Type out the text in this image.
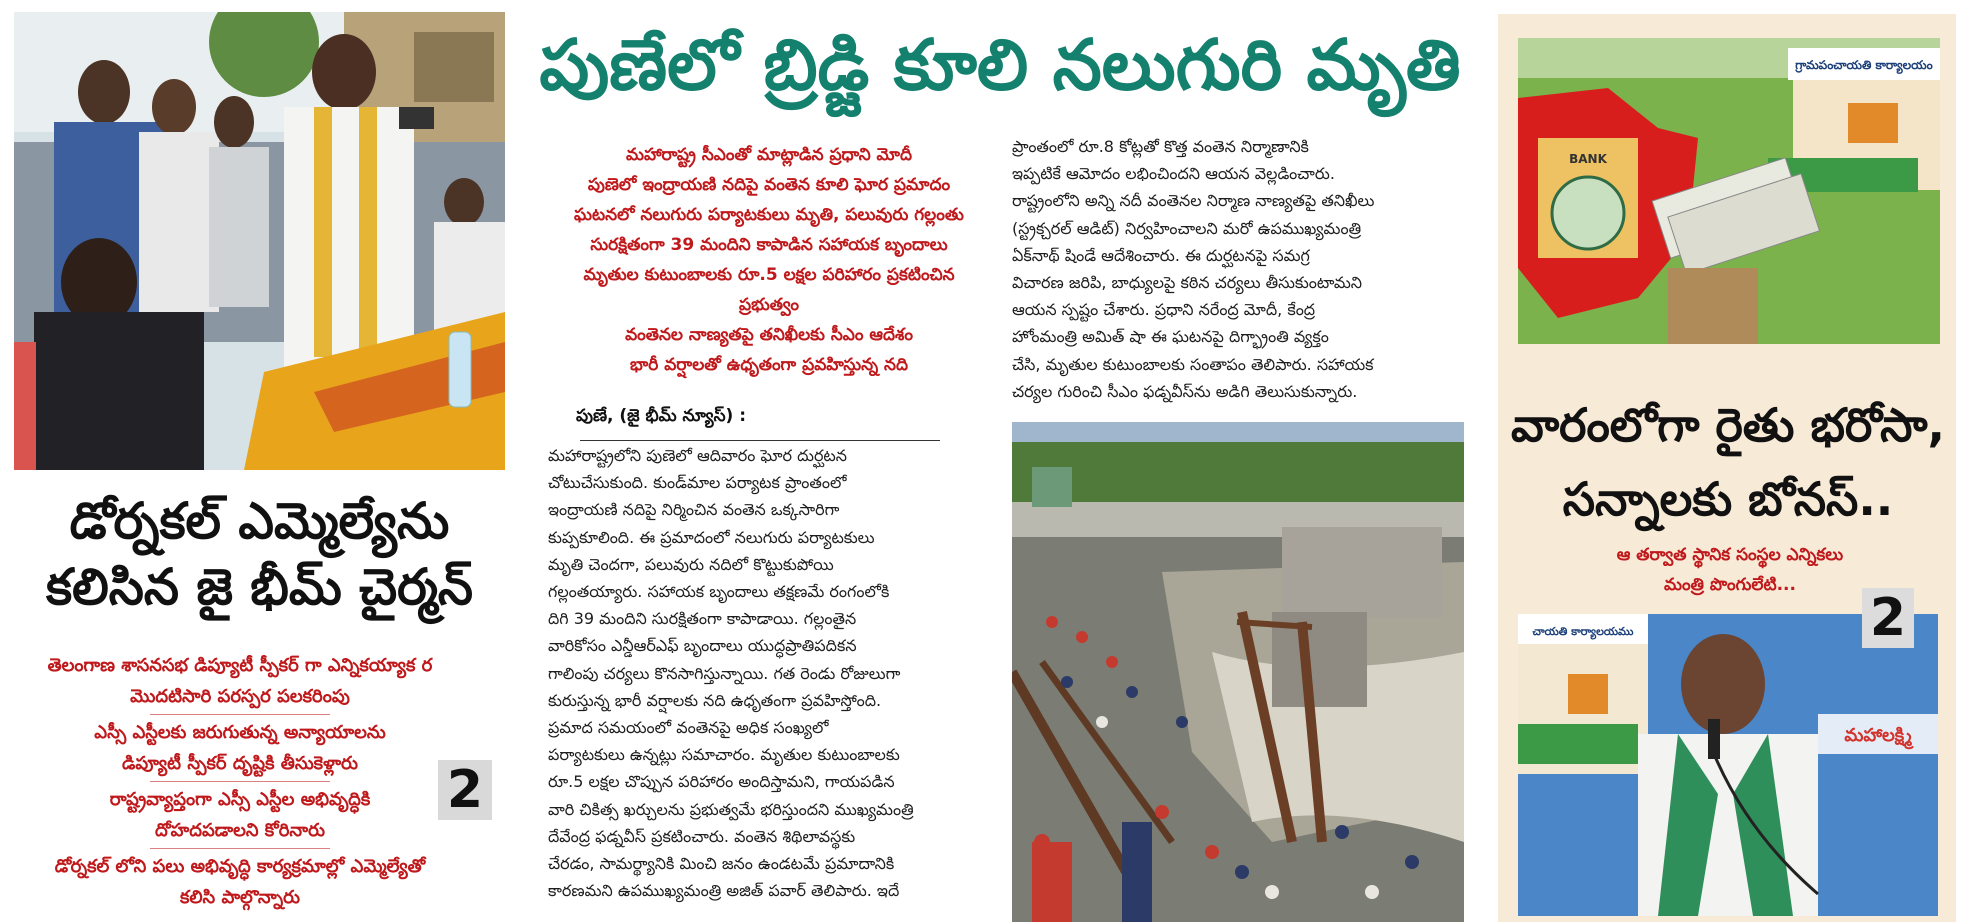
డోర్నకల్ ఎమ్మెల్యేను
కలిసిన జై భీమ్ చైర్మన్
తెలంగాణ శాసనసభ డిప్యూటీ స్పీకర్ గా ఎన్నికయ్యాక ర
మొదటిసారి పరస్పర పలకరింపు
ఎస్సీ ఎస్టీలకు జరుగుతున్న అన్యాయాలను
డిప్యూటీ స్పీకర్ దృష్టికి తీసుకెళ్లారు
రాష్ట్రవ్యాప్తంగా ఎస్సీ ఎస్టీల అభివృద్ధికి
దోహదపడాలని కోరినారు
డోర్నకల్ లోని పలు అభివృద్ధి కార్యక్రమాల్లో ఎమ్మెల్యేతో
కలిసి పాల్గొన్నారు
2
పుణేలో బ్రిడ్జి కూలి నలుగురి మృతి
మహారాష్ట్ర సీఎంతో మాట్లాడిన ప్రధాని మోదీ
పుణెలో ఇంద్రాయణి నదిపై వంతెన కూలి ఘోర ప్రమాదం
ఘటనలో నలుగురు పర్యాటకులు మృతి, పలువురు గల్లంతు
సురక్షితంగా 39 మందిని కాపాడిన సహాయక బృందాలు
మృతుల కుటుంబాలకు రూ.5 లక్షల పరిహారం ప్రకటించిన
ప్రభుత్వం
వంతెనల నాణ్యతపై తనిఖీలకు సీఎం ఆదేశం
భారీ వర్షాలతో ఉధృతంగా ప్రవహిస్తున్న నది
పుణే, (జై భీమ్ న్యూస్) :
మహారాష్ట్రలోని పుణెలో ఆదివారం ఘోర దుర్ఘటన
చోటుచేసుకుంది. కుండ్‌మాల పర్యాటక ప్రాంతంలో
ఇంద్రాయణి నదిపై నిర్మించిన వంతెన ఒక్కసారిగా
కుప్పకూలింది. ఈ ప్రమాదంలో నలుగురు పర్యాటకులు
మృతి చెందగా, పలువురు నదిలో కొట్టుకుపోయి
గల్లంతయ్యారు. సహాయక బృందాలు తక్షణమే రంగంలోకి
దిగి 39 మందిని సురక్షితంగా కాపాడాయి. గల్లంతైన
వారికోసం ఎన్డీఆర్ఎఫ్ బృందాలు యుద్ధప్రాతిపదికన
గాలింపు చర్యలు కొనసాగిస్తున్నాయి. గత రెండు రోజులుగా
కురుస్తున్న భారీ వర్షాలకు నది ఉధృతంగా ప్రవహిస్తోంది.
ప్రమాద సమయంలో వంతెనపై అధిక సంఖ్యలో
పర్యాటకులు ఉన్నట్లు సమాచారం. మృతుల కుటుంబాలకు
రూ.5 లక్షల చొప్పున పరిహారం అందిస్తామని, గాయపడిన
వారి చికిత్స ఖర్చులను ప్రభుత్వమే భరిస్తుందని ముఖ్యమంత్రి
దేవేంద్ర ఫడ్నవీస్ ప్రకటించారు. వంతెన శిథిలావస్థకు
చేరడం, సామర్థ్యానికి మించి జనం ఉండటమే ప్రమాదానికి
కారణమని ఉపముఖ్యమంత్రి అజిత్ పవార్ తెలిపారు. ఇదే
ప్రాంతంలో రూ.8 కోట్లతో కొత్త వంతెన నిర్మాణానికి
ఇప్పటికే ఆమోదం లభించిందని ఆయన వెల్లడించారు.
రాష్ట్రంలోని అన్ని నదీ వంతెనల నిర్మాణ నాణ్యతపై తనిఖీలు
(స్ట్రక్చరల్ ఆడిట్) నిర్వహించాలని మరో ఉపముఖ్యమంత్రి
ఏక్‌నాథ్ షిండే ఆదేశించారు. ఈ దుర్ఘటనపై సమగ్ర
విచారణ జరిపి, బాధ్యులపై కఠిన చర్యలు తీసుకుంటామని
ఆయన స్పష్టం చేశారు. ప్రధాని నరేంద్ర మోదీ, కేంద్ర
హోంమంత్రి అమిత్ షా ఈ ఘటనపై దిగ్భ్రాంతి వ్యక్తం
చేసి, మృతుల కుటుంబాలకు సంతాపం తెలిపారు. సహాయక
చర్యల గురించి సీఎం ఫడ్నవీస్‌ను అడిగి తెలుసుకున్నారు.
BANK
గ్రామపంచాయతి కార్యాలయం
వారంలోగా రైతు భరోసా,
సన్నాలకు బోనస్..
ఆ తర్వాత స్థానిక సంస్థల ఎన్నికలు
మంత్రి పొంగులేటి...
చాయతి కార్యాలయము
మహాలక్ష్మి
2
